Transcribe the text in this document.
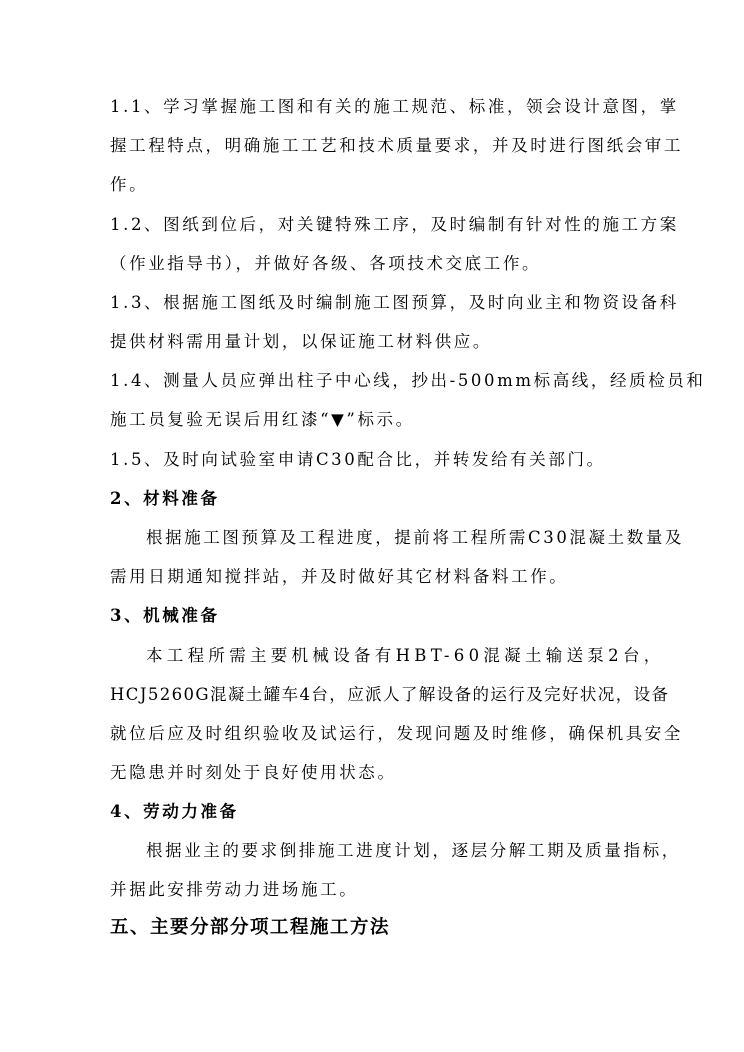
1.1、学习掌握施工图和有关的施工规范、标准，领会设计意图，掌
握工程特点，明确施工工艺和技术质量要求，并及时进行图纸会审工
作。
1.2、图纸到位后，对关键特殊工序，及时编制有针对性的施工方案
（作业指导书），并做好各级、各项技术交底工作。
1.3、根据施工图纸及时编制施工图预算，及时向业主和物资设备科
提供材料需用量计划，以保证施工材料供应。
1.4、测量人员应弹出柱子中心线，抄出-500mm标高线，经质检员和
施工员复验无误后用红漆“▼”标示。
1.5、及时向试验室申请C30配合比，并转发给有关部门。
2、材料准备
根据施工图预算及工程进度，提前将工程所需C30混凝土数量及
需用日期通知搅拌站，并及时做好其它材料备料工作。
3、机械准备
本工程所需主要机械设备有HBT-60混凝土输送泵2台，
HCJ5260G混凝土罐车4台，应派人了解设备的运行及完好状况，设备
就位后应及时组织验收及试运行，发现问题及时维修，确保机具安全
无隐患并时刻处于良好使用状态。
4、劳动力准备
根据业主的要求倒排施工进度计划，逐层分解工期及质量指标，
并据此安排劳动力进场施工。
五、主要分部分项工程施工方法
